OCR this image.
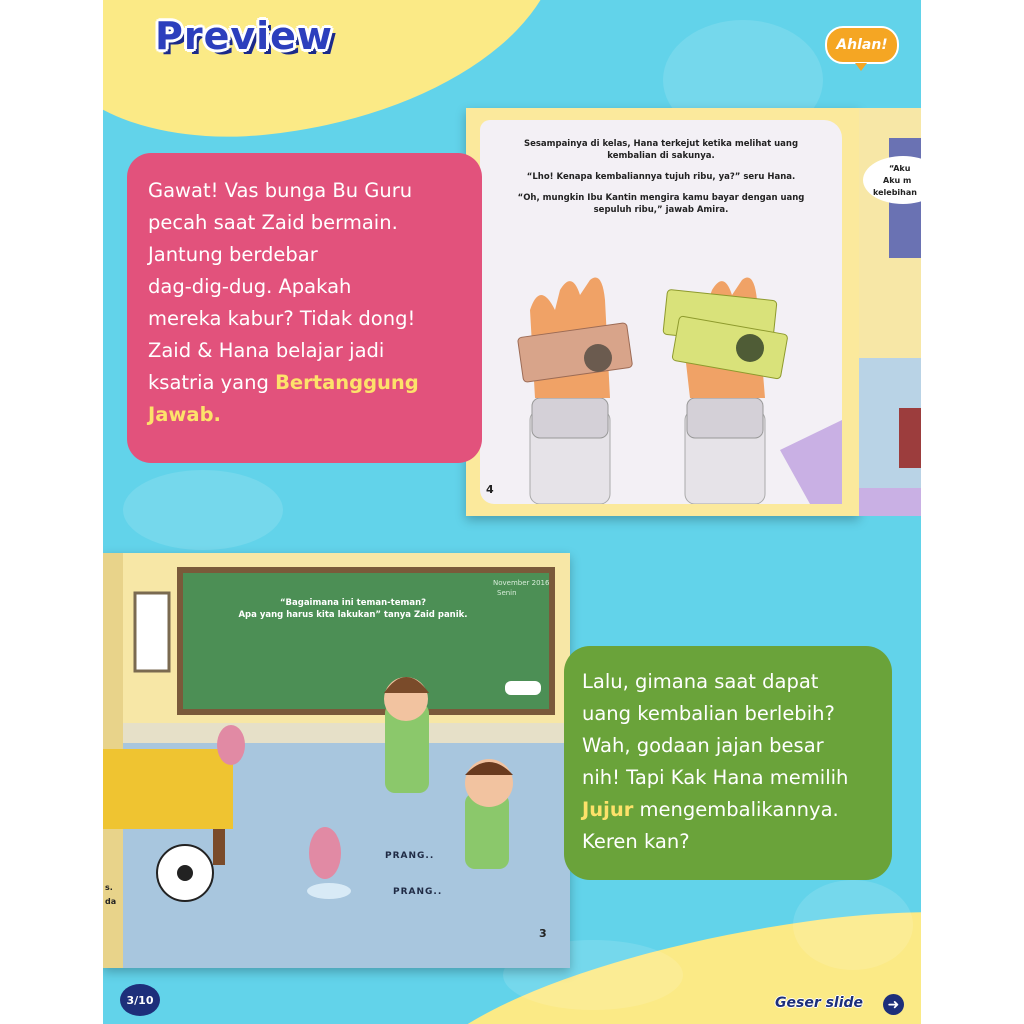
Preview	Ahlan!

Sesampainya di kelas, Hana terkejut ketika melihat uang kembalian di sakunya.

“Lho! Kenapa kembaliannya tujuh ribu, ya?” seru Hana.

“Oh, mungkin Ibu Kantin mengira kamu bayar dengan uang sepuluh ribu,” jawab Amira.

4
“Aku
Aku m
kelebihan
Gawat! Vas bunga Bu Guru
pecah saat Zaid bermain.
Jantung berdebar
dag-dig-dug. Apakah
mereka kabur? Tidak dong!
Zaid & Hana belajar jadi
ksatria yang Bertanggung
Jawab.
November 2016
Senin
“Bagaimana ini teman-teman?
Apa yang harus kita lakukan” tanya Zaid panik.
PRANG..
PRANG..
s.
da
3
Lalu, gimana saat dapat
uang kembalian berlebih?
Wah, godaan jajan besar
nih! Tapi Kak Hana memilih
Jujur mengembalikannya.
Keren kan?
3/10	Geser slide ➜
